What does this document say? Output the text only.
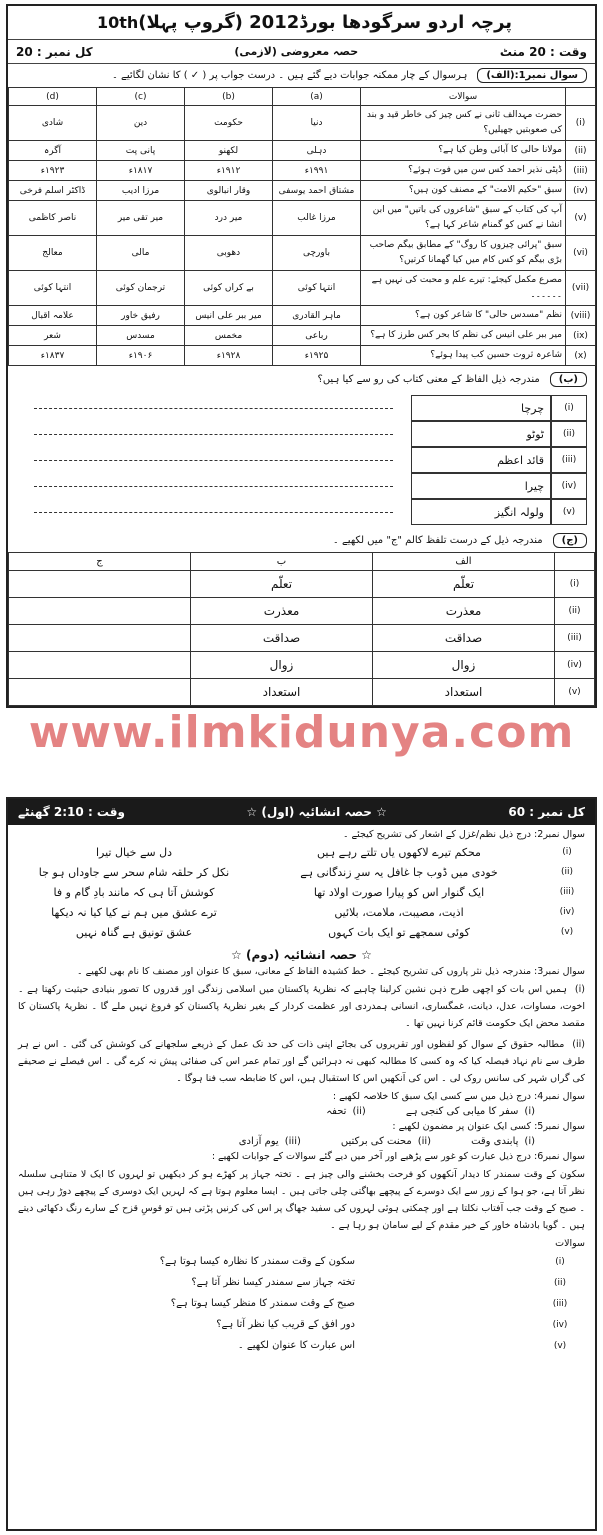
10th پرچہ اردو سرگودھا بورڈ2012 (گروپ پہلا)
وقت : 20 منٹ
حصہ معروضی (لازمی)
کل نمبر : 20
سوال نمبر1:(الف)
ہرسوال کے چار ممکنہ جوابات دیے گئے ہیں ۔ درست جواب پر ( ✓ ) کا نشان لگائیے ۔
	سوالات	(a)	(b)	(c)	(d)
(i)	حضرت مہدالف ثانی نے کس چیز کی خاطر قید و بند کی صعوبتیں جھیلیں؟	دنیا	حکومت	دین	شادی
(ii)	مولانا حالی کا آبائی وطن کیا ہے؟	دہلی	لکھنو	پانی پت	آگرہ
(iii)	ڈپٹی نذیر احمد کس سن میں فوت ہوئے؟	۱۹۹۱ء	۱۹۱۲ء	۱۸۱۷ء	۱۹۲۳ء
(iv)	سبق "حکیم الامت" کے مصنف کون ہیں؟	مشتاق احمد یوسفی	وقار انبالوی	مرزا ادیب	ڈاکٹر اسلم فرخی
(v)	آپ کی کتاب کے سبق "شاعروں کی باتیں" میں ابن انشا نے کس کو گمنام شاعر کہا ہے؟	مرزا غالب	میر درد	میر تقی میر	ناصر کاظمی
(vi)	سبق "پرائی چیزوں کا روگ" کے مطابق بیگم صاحب بڑی بیگم کو کس کام میں کیا گھمانا کرتیں؟	باورچی	دھوبی	مالی	معالج
(vii)	مصرع مکمل کیجئے: تیرے علم و محبت کی نہیں ہے ۔۔۔۔۔۔	انتہا کوئی	بے کراں کوئی	ترجمان کوئی	انتہا کوئی
(viii)	نظم "مسدس حالی" کا شاعر کون ہے؟	ماہر القادری	میر ببر علی انیس	رفیق خاور	علامہ اقبال
(ix)	میر ببر علی انیس کی نظم کا بحر کس طرز کا ہے؟	رباعی	مخمس	مسدس	شعر
(x)	شاعرہ ثروت حسین کب پیدا ہوئے؟	۱۹۲۵ء	۱۹۲۸ء	۱۹۰۶ء	۱۸۳۷ء
(ب)
مندرجہ ذیل الفاظ کے معنی کتاب کی رو سے کیا ہیں؟
(i)
چرچا
(ii)
ٹوٹو
(iii)
قائد اعظم
(iv)
چیرا
(v)
ولولہ انگیز
(ج)
مندرجہ ذیل کے درست تلفظ کالم "ج" میں لکھیے ۔
	الف	ب	ج
(i)	تعلّم	تعلّم	
(ii)	معذرت	معذرت	
(iii)	صداقت	صداقت	
(iv)	زوال	زوال	
(v)	استعداد	استعداد	
www.ilmkidunya.com
کل نمبر : 60
☆ حصہ انشائیہ (اول) ☆
وقت : 2:10 گھنٹے
سوال نمبر2: درج ذیل نظم/غزل کے اشعار کی تشریح کیجئے ۔
(i)
محکم تیرے لاکھوں یاں تلتے رہے ہیں
دل سے خیال تیرا
(ii)
خودی میں ڈوب جا غافل یہ سرِ زندگانی ہے
نکل کر حلقہ شام سحر سے جاوداں ہو جا
(iii)
ایک گنوار اس کو پیارا صورت اولاد تھا
کوشش آتا ہی کہ مانند بادِ گام و فا
(iv)
اذیت، مصیبت، ملامت، بلائیں
ترے عشق میں ہم نے کیا کیا نہ دیکھا
(v)
کوئی سمجھے تو ایک بات کہوں
عشق تونیق ہے گناہ نہیں
☆ حصہ انشائیہ (دوم) ☆
سوال نمبر3: مندرجہ ذیل نثر پاروں کی تشریح کیجئے ۔ خط کشیدہ الفاظ کے معانی، سبق کا عنوان اور مصنف کا نام بھی لکھیے ۔
(i)ہمیں اس بات کو اچھی طرح ذہن نشین کرلینا چاہیے کہ نظریۂ پاکستان میں اسلامی زندگی اور قدروں کا تصور بنیادی حیثیت رکھتا ہے ۔ اخوت، مساوات، عدل، دیانت، غمگساری، انسانی ہمدردی اور عظمت کردار کے بغیر نظریۂ پاکستان کو فروغ نہیں ملے گا ۔ نظریۂ پاکستان کا مقصد محض ایک حکومت قائم کرنا نہیں تھا ۔
(ii)مطالبہ حقوق کے سوال کو لفظوں اور تقریروں کی بجائے اپنی ذات کی حد تک عمل کے ذریعے سلجھانے کی کوشش کی گئی ۔ اس نے ہر طرف سے نام نہاد فیصلہ کیا کہ وہ کسی کا مطالبہ کبھی نہ دہرائیں گے اور تمام عمر اس کی صفائی پیش نہ کرے گی ۔ اس فیصلے نے صحیفے کی گراں شہر کی سانس روک لی ۔ اس کی آنکھیں اس کا استقبال ہیں، اس کا ضابطہ سب فنا ہوگا ۔
سوال نمبر4: درج ذیل میں سے کسی ایک سبق کا خلاصہ لکھیے :
(i)سفر کا میابی کی کنجی ہے
(ii)تحفہ
سوال نمبر5: کسی ایک عنوان پر مضمون لکھیے :
(i)پابندی وقت
(ii)محنت کی برکتیں
(iii)یوم آزادی
سوال نمبر6: درج ذیل عبارت کو غور سے پڑھیے اور آخر میں دیے گئے سوالات کے جوابات لکھیے :
سکون کے وقت سمندر کا دیدار آنکھوں کو فرحت بخشنے والی چیز ہے ۔ تختہ جہاز پر کھڑے ہو کر دیکھیں تو لہروں کا ایک لا متناہی سلسلہ نظر آتا ہے، جو ہوا کے زور سے ایک دوسرے کے پیچھے بھاگتی چلی جاتی ہیں ۔ ایسا معلوم ہوتا ہے کہ لہریں ایک دوسری کے پیچھے دوڑ رہی ہیں ۔ صبح کے وقت جب آفتاب نکلتا ہے اور چمکتی ہوئی لہروں کی سفید جھاگ پر اس کی کرنیں پڑتی ہیں تو قوسِ قزح کے سارے رنگ دکھائی دیتے ہیں ۔ گویا بادشاہ خاور کے خیر مقدم کے لیے سامان ہو رہا ہے ۔
سوالات
(i)
سکون کے وقت سمندر کا نظارہ کیسا ہوتا ہے؟
(ii)
تختہ جہاز سے سمندر کیسا نظر آتا ہے؟
(iii)
صبح کے وقت سمندر کا منظر کیسا ہوتا ہے؟
(iv)
دور افق کے قریب کیا نظر آتا ہے؟
(v)
اس عبارت کا عنوان لکھیے ۔
